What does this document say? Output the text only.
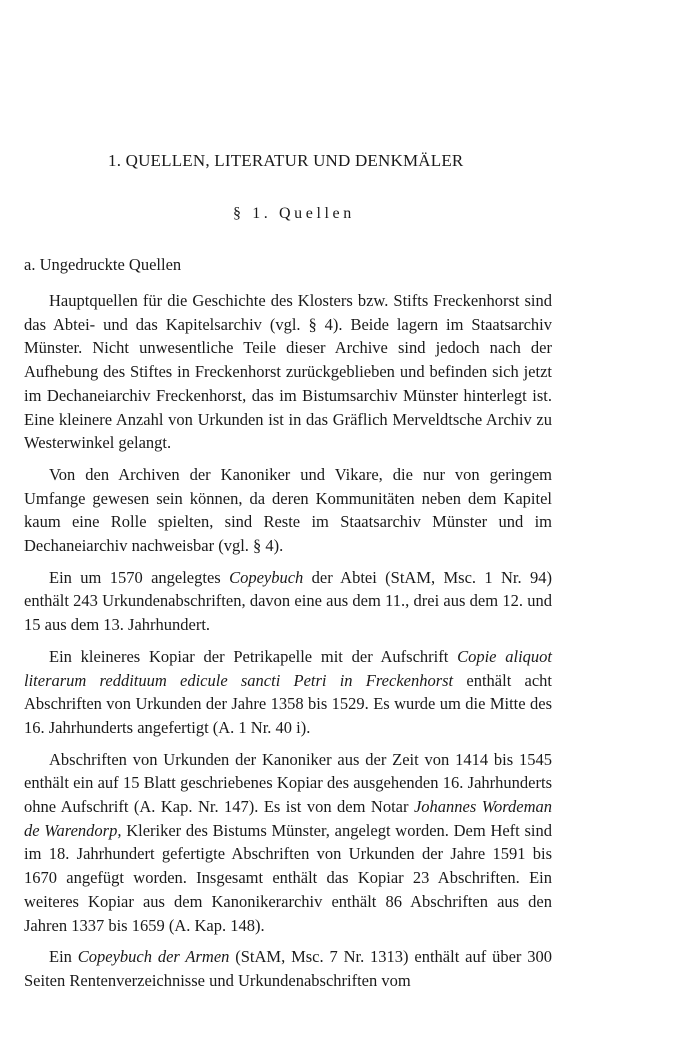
1. QUELLEN, LITERATUR UND DENKMÄLER
§ 1. Quellen
a. Ungedruckte Quellen

Hauptquellen für die Geschichte des Klosters bzw. Stifts Freckenhorst sind das Abtei- und das Kapitelsarchiv (vgl. § 4). Beide lagern im Staatsarchiv Münster. Nicht unwesentliche Teile dieser Archive sind jedoch nach der Aufhebung des Stiftes in Freckenhorst zurückgeblieben und befinden sich jetzt im Dechaneiarchiv Freckenhorst, das im Bistumsarchiv Münster hinterlegt ist. Eine kleinere Anzahl von Urkunden ist in das Gräflich Merveldtsche Archiv zu Westerwinkel gelangt.

Von den Archiven der Kanoniker und Vikare, die nur von geringem Umfange gewesen sein können, da deren Kommunitäten neben dem Kapitel kaum eine Rolle spielten, sind Reste im Staatsarchiv Münster und im Dechaneiarchiv nachweisbar (vgl. § 4).

Ein um 1570 angelegtes Copeybuch der Abtei (StAM, Msc. 1 Nr. 94) enthält 243 Urkundenabschriften, davon eine aus dem 11., drei aus dem 12. und 15 aus dem 13. Jahrhundert.

Ein kleineres Kopiar der Petrikapelle mit der Aufschrift Copie aliquot literarum reddituum edicule sancti Petri in Freckenhorst enthält acht Abschriften von Urkunden der Jahre 1358 bis 1529. Es wurde um die Mitte des 16. Jahrhunderts angefertigt (A. 1 Nr. 40 i).

Abschriften von Urkunden der Kanoniker aus der Zeit von 1414 bis 1545 enthält ein auf 15 Blatt geschriebenes Kopiar des ausgehenden 16. Jahrhunderts ohne Aufschrift (A. Kap. Nr. 147). Es ist von dem Notar Johannes Wordeman de Warendorp, Kleriker des Bistums Münster, angelegt worden. Dem Heft sind im 18. Jahrhundert gefertigte Abschriften von Urkunden der Jahre 1591 bis 1670 angefügt worden. Insgesamt enthält das Kopiar 23 Abschriften. Ein weiteres Kopiar aus dem Kanonikerarchiv enthält 86 Abschriften aus den Jahren 1337 bis 1659 (A. Kap. 148).

Ein Copeybuch der Armen (StAM, Msc. 7 Nr. 1313) enthält auf über 300 Seiten Rentenverzeichnisse und Urkundenabschriften vom
